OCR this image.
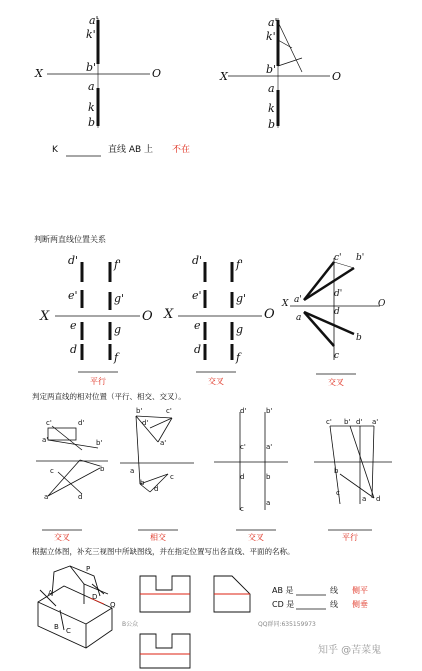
a'
k'
b'
X	O
a
k
b
a'
k'
b'
X	O
a
k
b
K	直线 AB 上 不在
判断两直线位置关系
d'	f'
e'	g'
X	O
e	g
d
f
平行
d'	f'
e'	g'
X	O
e	g
d
f
交叉
c' b'
a'
d'
X	O
a
d
b
c
交叉
判定两直线的相对位置（平行、相交、交叉）。
c'	d'
a'	b'
c	b
a	d
交叉
b'	c'
d'
a'
a
b
d
c
相交
d'	b'
c'	a'
d	b
c
a
交叉
c' b' d' a'
b
c
a d
平行
根据立体图，补充三视图中所缺图线，并在指定位置写出各直线、平面的名称。
P
Q
A
B C
D
AB 是	线 侧平
CD 是	线 侧垂
B公众	QQ群同:635159973
知乎 @苦菜鬼
